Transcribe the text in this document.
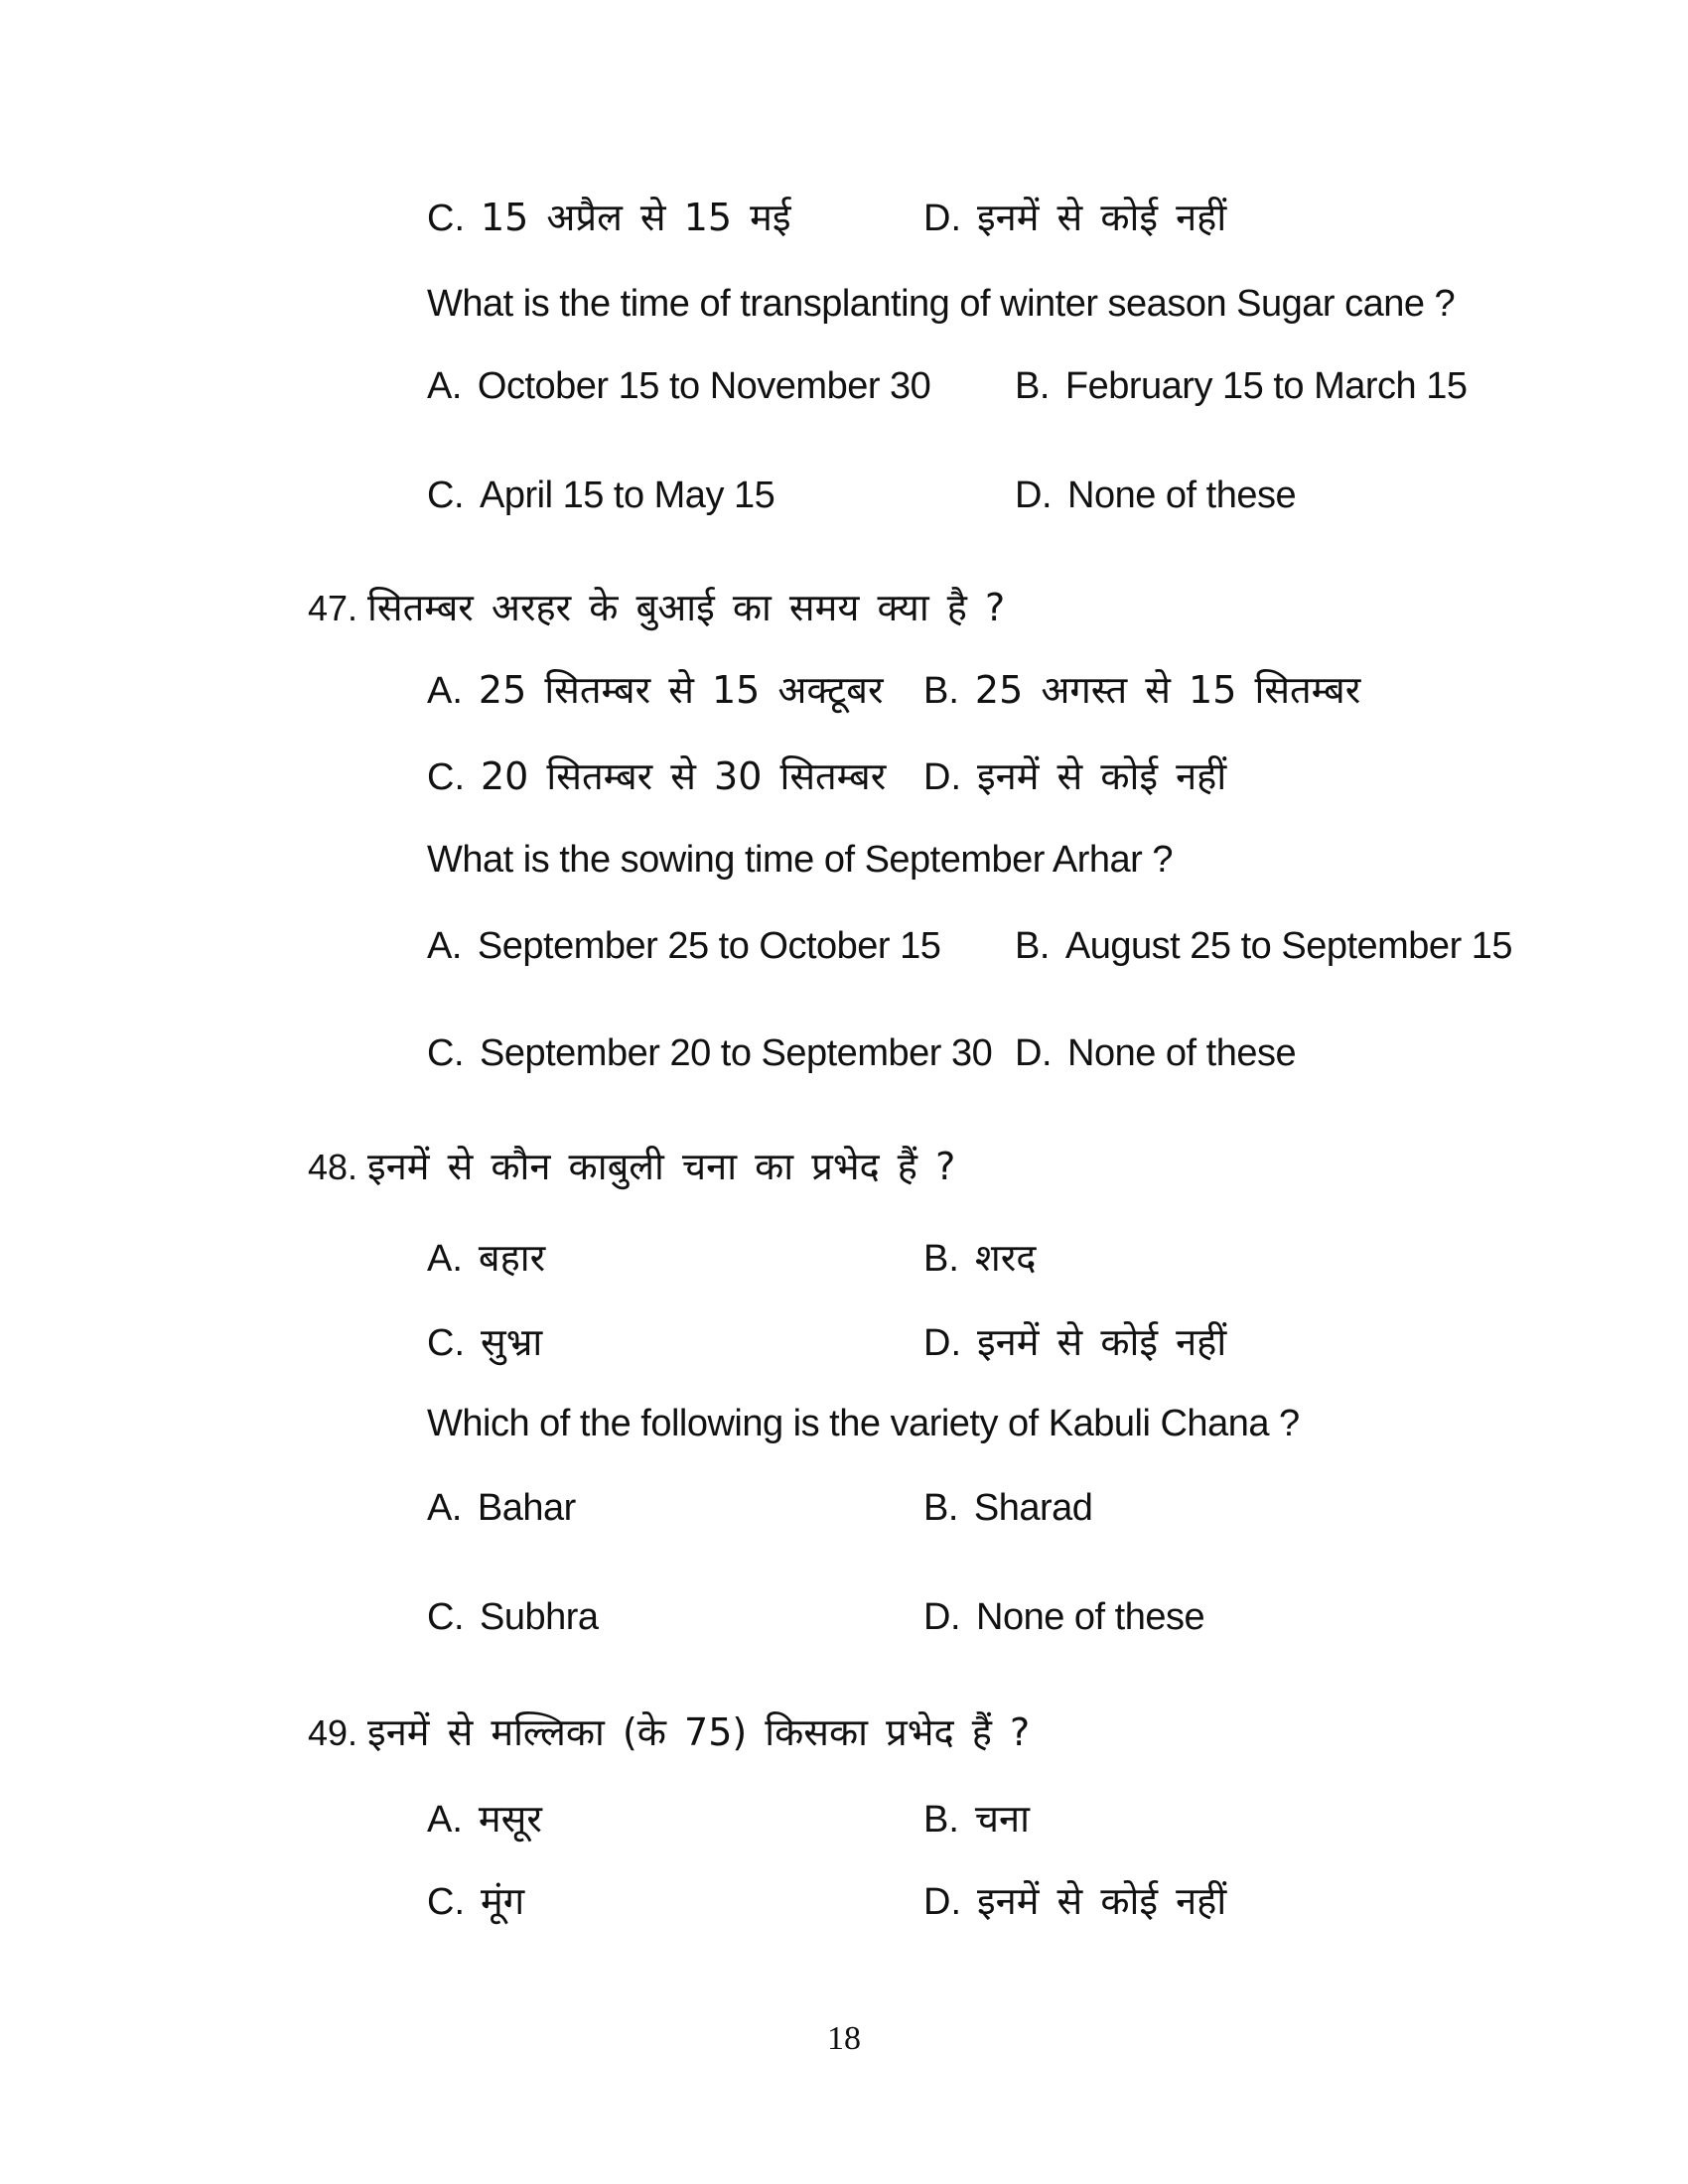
C. 15 अप्रैल से 15 मई	D. इनमें से कोई नहीं
What is the time of transplanting of winter season Sugar cane ?
A. October 15 to November 30 B. February 15 to March 15
C. April 15 to May 15	D. None of these
47. सितम्बर अरहर के बुआई का समय क्या है ?
A. 25 सितम्बर से 15 अक्टूबर B. 25 अगस्त से 15 सितम्बर
C. 20 सितम्बर से 30 सितम्बर D. इनमें से कोई नहीं
What is the sowing time of September Arhar ?
A. September 25 to October 15 B. August 25 to September 15
C. September 20 to September 30 D. None of these
48. इनमें से कौन काबुली चना का प्रभेद हैं ?
A. बहार	B. शरद
C. सुभ्रा	D. इनमें से कोई नहीं
Which of the following is the variety of Kabuli Chana ?
A. Bahar	B. Sharad
C. Subhra	D. None of these
49. इनमें से मल्लिका (के 75) किसका प्रभेद हैं ?
A. मसूर	B. चना
C. मूंग	D. इनमें से कोई नहीं
18
